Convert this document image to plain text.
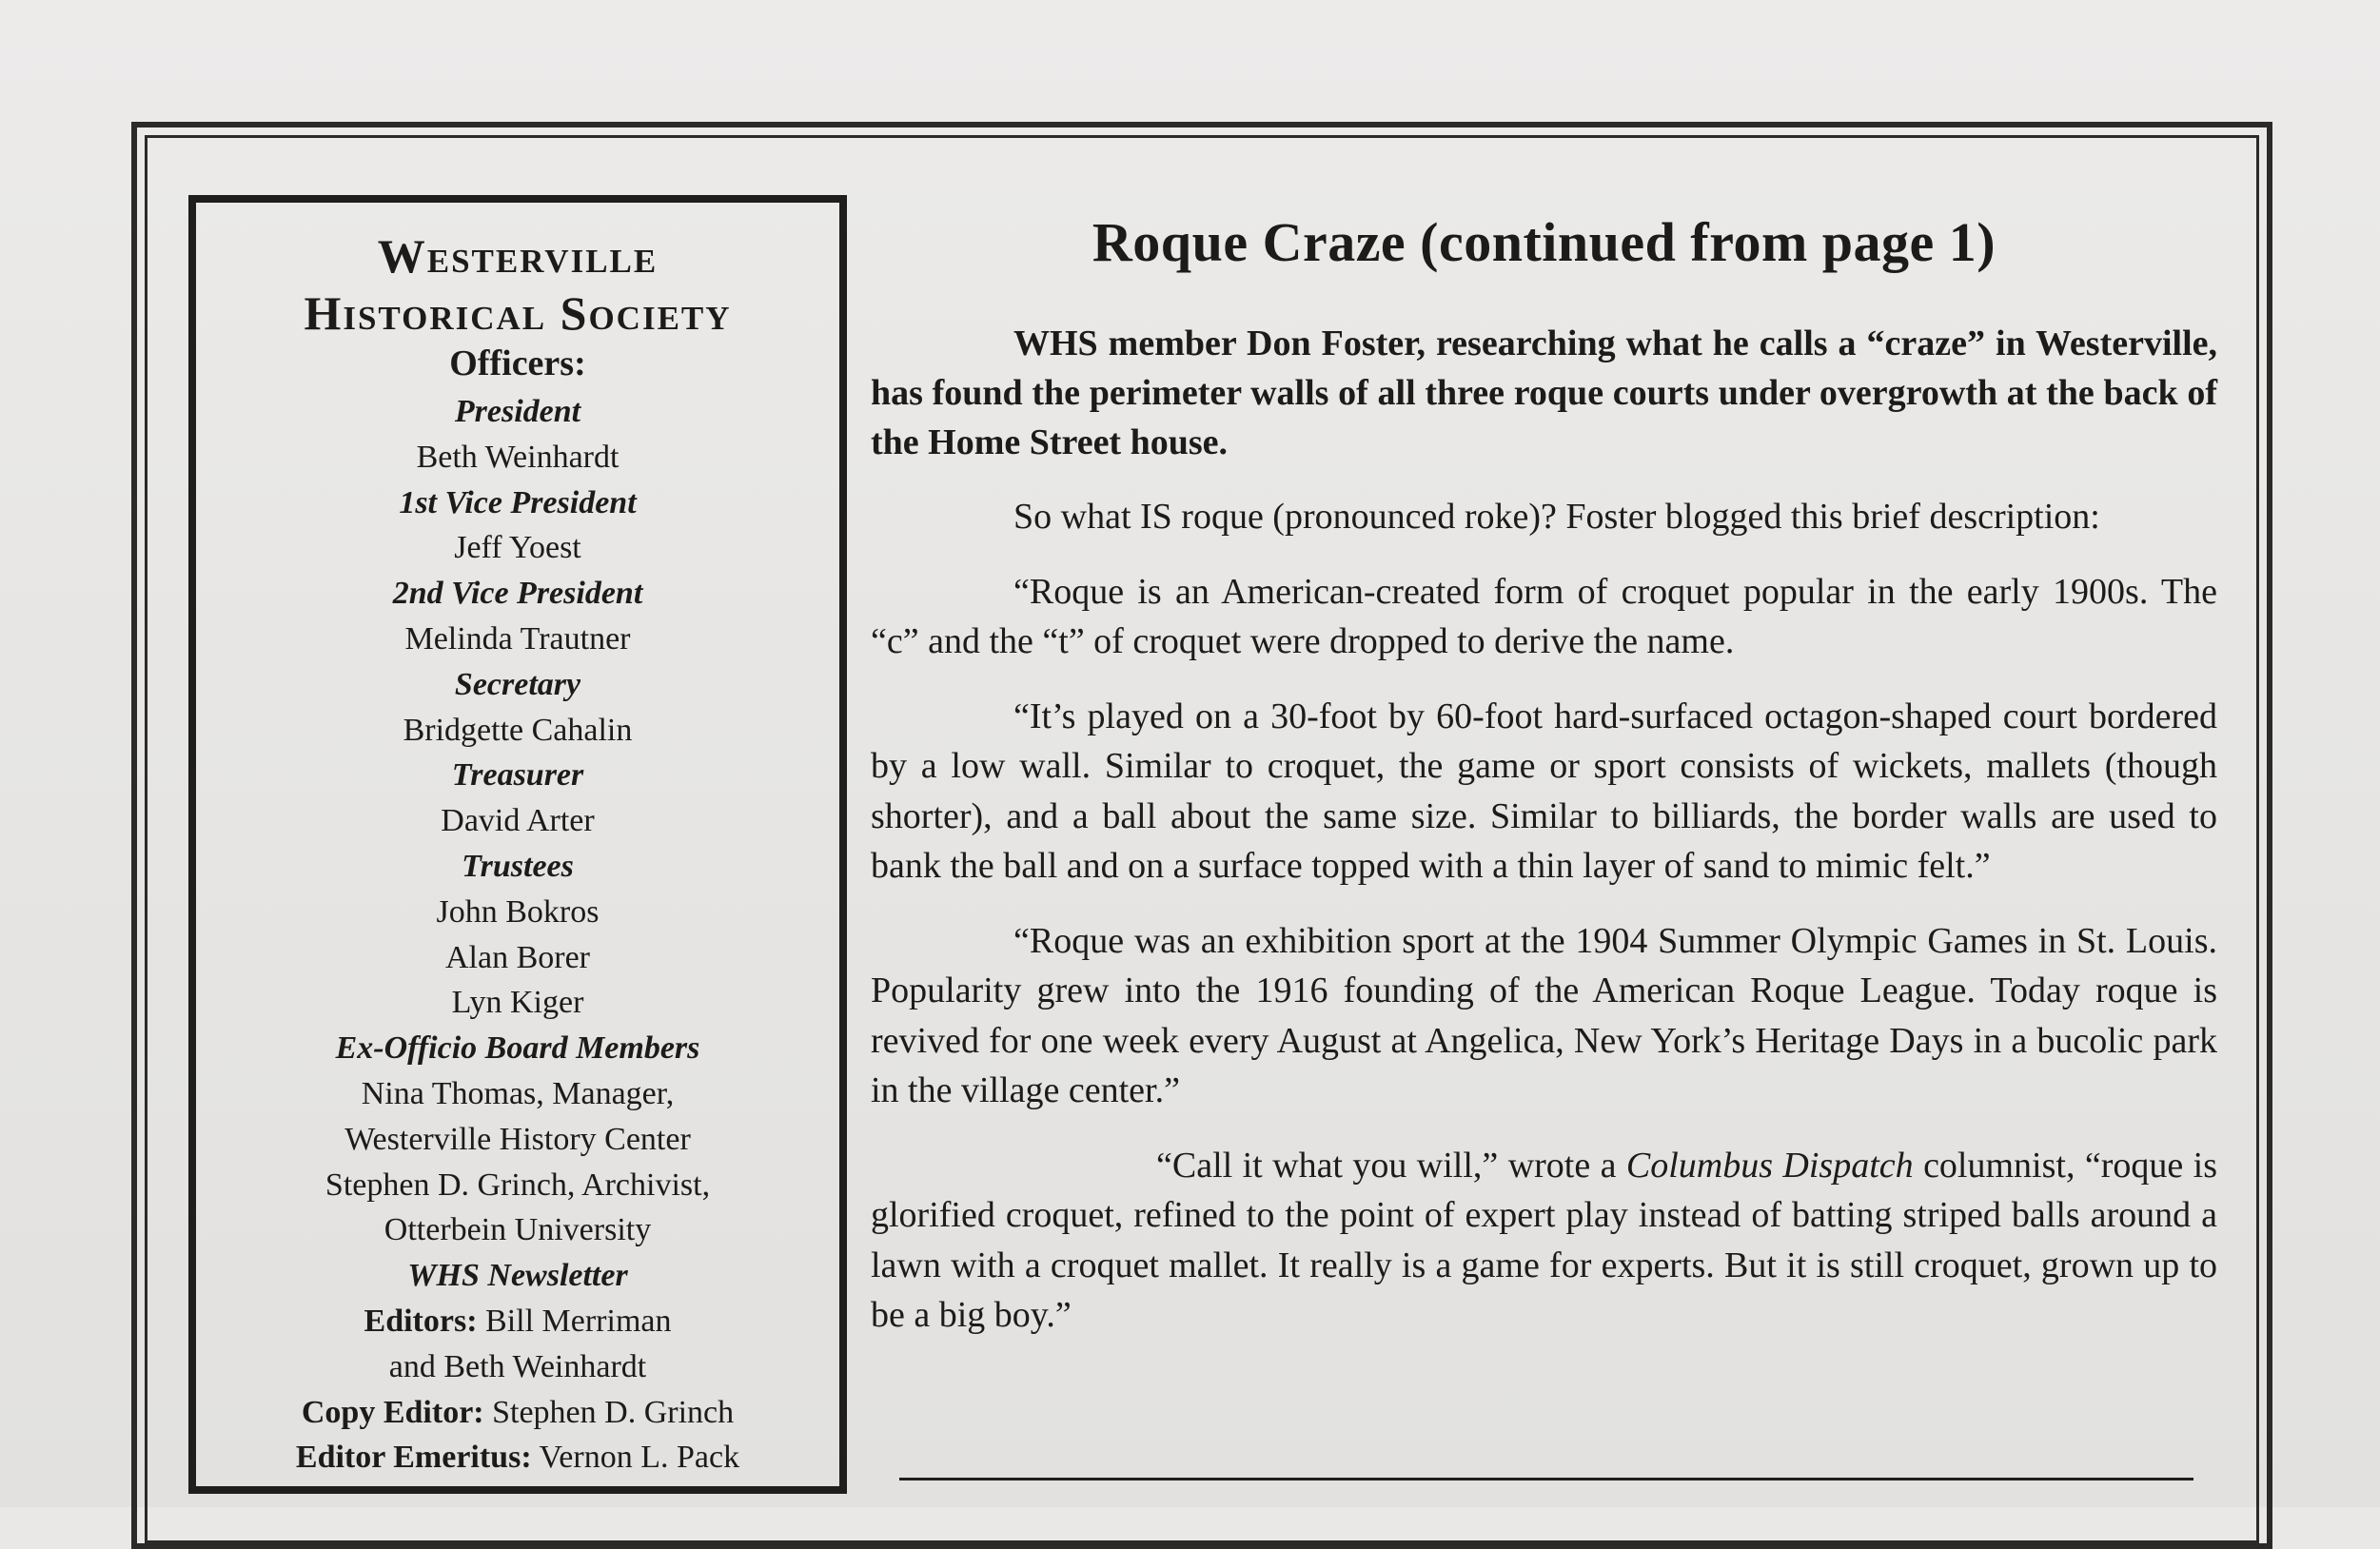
Westerville
Historical Society
Officers:
President
Beth Weinhardt
1st Vice President
Jeff Yoest
2nd Vice President
Melinda Trautner
Secretary
Bridgette Cahalin
Treasurer
David Arter
Trustees
John Bokros
Alan Borer
Lyn Kiger
Ex-Officio Board Members
Nina Thomas, Manager,
Westerville History Center
Stephen D. Grinch, Archivist,
Otterbein University
WHS Newsletter
Editors: Bill Merriman
and Beth Weinhardt
Copy Editor: Stephen D. Grinch
Editor Emeritus: Vernon L. Pack
Roque Craze (continued from page 1)

WHS member Don Foster, researching what he calls a “craze” in Westerville, has found the perimeter walls of all three roque courts under overgrowth at the back of the Home Street house.

So what IS roque (pronounced roke)? Foster blogged this brief description:

“Roque is an American-created form of croquet popular in the early 1900s. The “c” and the “t” of croquet were dropped to derive the name.

“It’s played on a 30-foot by 60-foot hard-surfaced octagon-shaped court bordered by a low wall. Similar to croquet, the game or sport consists of wickets, mallets (though shorter), and a ball about the same size. Similar to billiards, the border walls are used to bank the ball and on a surface topped with a thin layer of sand to mimic felt.”

“Roque was an exhibition sport at the 1904 Summer Olympic Games in St. Louis. Popularity grew into the 1916 founding of the American Roque League. Today roque is revived for one week every August at Angelica, New York’s Heritage Days in a bucolic park in the village center.”

“Call it what you will,” wrote a Columbus Dispatch columnist, “roque is glorified croquet, refined to the point of expert play instead of batting striped balls around a lawn with a croquet mallet. It really is a game for experts. But it is still croquet, grown up to be a big boy.”
